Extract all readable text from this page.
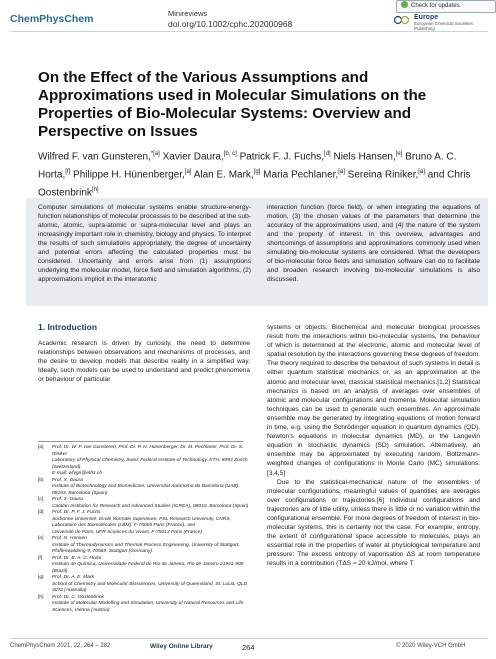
ChemPhysChem	Minireviews
doi.org/10.1002/cphc.202000968
Check for updates
Europe
European Chemical Societies Publishing
On the Effect of the Various Assumptions and Approximations used in Molecular Simulations on the Properties of Bio-Molecular Systems: Overview and Perspective on Issues
Wilfred F. van Gunsteren,$^{*[a]}$ Xavier Daura,[b, c] Patrick F. J. Fuchs,[d] Niels Hansen,[e] Bruno A. C. Horta,[f] Philippe H. Hünenberger,[a] Alan E. Mark,[g] Maria Pechlaner,[a] Sereina Riniker,[a] and Chris Oostenbrink[h]
Computer simulations of molecular systems enable structure-energy-function relationships of molecular processes to be described at the sub-atomic, atomic, supra-atomic or supra-molecular level and plays an increasingly important role in chemistry, biology and physics. To interpret the results of such simulations appropriately, the degree of uncertainty and potential errors affecting the calculated properties must be considered. Uncertainty and errors arise from (1) assumptions underlying the molecular model, force field and simulation algorithms, (2) approximations implicit in the interatomic
interaction function (force field), or when integrating the equations of motion, (3) the chosen values of the parameters that determine the accuracy of the approximations used, and (4) the nature of the system and the property of interest. In this overview, advantages and shortcomings of assumptions and approximations commonly used when simulating bio-molecular systems are considered. What the developers of bio-molecular force fields and simulation software can do to facilitate and broaden research involving bio-molecular simulations is also discussed.
1. Introduction
Academic research is driven by curiosity, the need to determine relationships between observations and mechanisms of processes, and the desire to develop models that describe reality in a simplified way. Ideally, such models can be used to understand and predict phenomena or behaviour of particular
systems or objects. Biochemical and molecular biological processes result from the interactions within bio-molecular systems, the behaviour of which is determined at the electronic, atomic and molecular level of spatial resolution by the interactions governing these degrees of freedom. The theory required to describe the behaviour of such systems in detail is either quantum statistical mechanics or, as an approximation at the atomic and molecular level, classical statistical mechanics.[1,2] Statistical mechanics is based on an analysis of averages over ensembles of atomic and molecular configurations and momenta. Molecular simulation techniques can be used to generate such ensembles. An approximate ensemble may be generated by integrating equations of motion forward in time, e.g. using the Schrödinger equation in quantum dynamics (QD), Newton's equations in molecular dynamics (MD), or the Langevin equation in stochastic dynamics (SD) simulation. Alternatively, an ensemble may be approximated by executing random, Boltzmann-weighted changes of configurations in Monte Carlo (MC) simulations.[3,4,5]
Due to the statistical-mechanical nature of the ensembles of molecular configurations, meaningful values of quantities are averages over configurations or trajectories.[6] Individual configurations and trajectories are of little utility, unless there is little or no variation within the configurational ensemble. For more degrees of freedom of interest in bio-molecular systems, this is certainly not the case. For example, entropy, the extent of configurational space accessible to molecules, plays an essential role in the properties of water at physiological temperature and pressure: The excess entropy of vaporisation ΔS at room temperature results in a contribution (TΔS ≈ 20 kJ/mol, where T
[a]	Prof. Dr. W. F. van Gunsteren, Prof. Dr. P. H. Hünenberger, Dr. M. Pechlaner, Prof. Dr. S. Riniker
Laboratory of Physical Chemistry, Swiss Federal Institute of Technology, ETH, 8093 Zurich (Switzerland)
E-mail: wfvgn@ethz.ch
[b]	Prof. X. Daura
Institute of Biotechnology and Biomedicine, Universitat Autonoma de Barcelona (UAB), 08193, Barcelona (Spain)
[c]	Prof. X. Daura
Catalan Institution for Research and Advanced Studies (ICREA), 08010, Barcelona (Spain)
[d]	Prof. Dr. P. F. J. Fuchs
Sorbonne Université, École Normale Supérieure, PSL Research University, CNRS, Laboratoire des Biomolécules (LBM), F-75005 Paris (France), and
Université de Paris, UFR Sciences du Vivant, F-75013 Paris (France)
[e]	Prof. N. Hansen
Institute of Thermodynamics and Thermal Process Engineering, University of Stuttgart, Pfaffenwaldring 9, 70569, Stuttgart (Germany)
[f]	Prof. Dr. B. A. C. Horta
Instituto de Química, Universidade Federal do Rio de Janeiro, Rio de Janeiro 21941-909 (Brazil)
[g]	Prof. Dr. A. E. Mark
School of Chemistry and Molecular Biosciences, University of Queensland, St. Lucia, QLD 4072 (Australia)
[h]	Prof. Dr. C. Oostenbrink
Institute of Molecular Modelling and Simulation, University of Natural Resources and Life Sciences, Vienna (Austria)
ChemPhysChem 2021, 22, 264 – 282	Wiley Online Library	264	© 2020 Wiley-VCH GmbH
